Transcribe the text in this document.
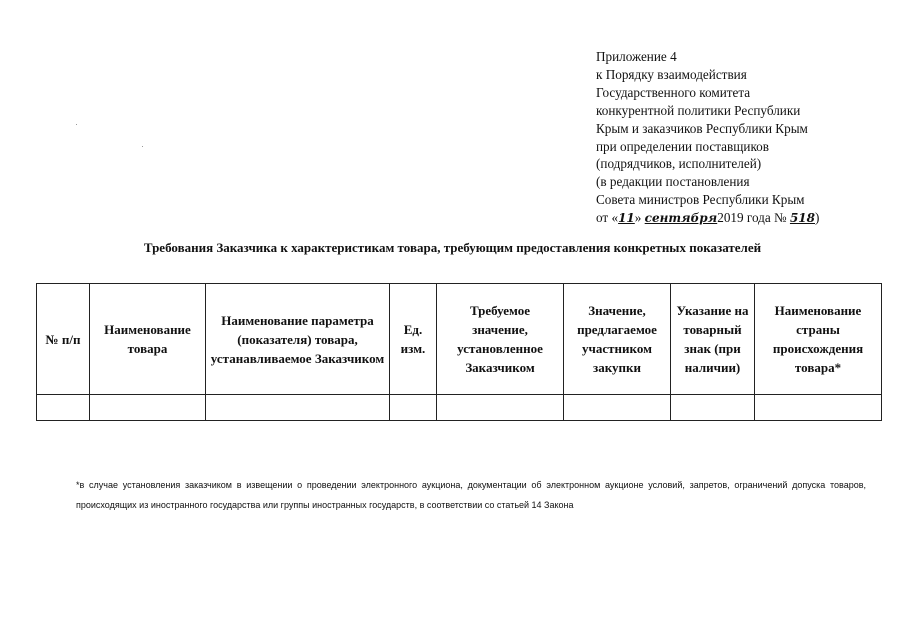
Приложение 4
к Порядку взаимодействия
Государственного комитета
конкурентной политики Республики
Крым и заказчиков Республики Крым
при определении поставщиков
(подрядчиков, исполнителей)
(в редакции постановления
Совета министров Республики Крым
от «11» сентября2019 года № 518)
Требования Заказчика к характеристикам товара, требующим предоставления конкретных показателей
№ п/п	Наименование товара	Наименование параметра (показателя) товара, устанавливаемое Заказчиком	Ед. изм.	Требуемое значение, установленное Заказчиком	Значение, предлагаемое участником закупки	Указание на товарный знак (при наличии)	Наименование страны происхождения товара*

*в случае установления заказчиком в извещении о проведении электронного аукциона, документации об электронном аукционе условий, запретов, ограничений допуска товаров, происходящих из иностранного государства или группы иностранных государств, в соответствии со статьей 14 Закона
